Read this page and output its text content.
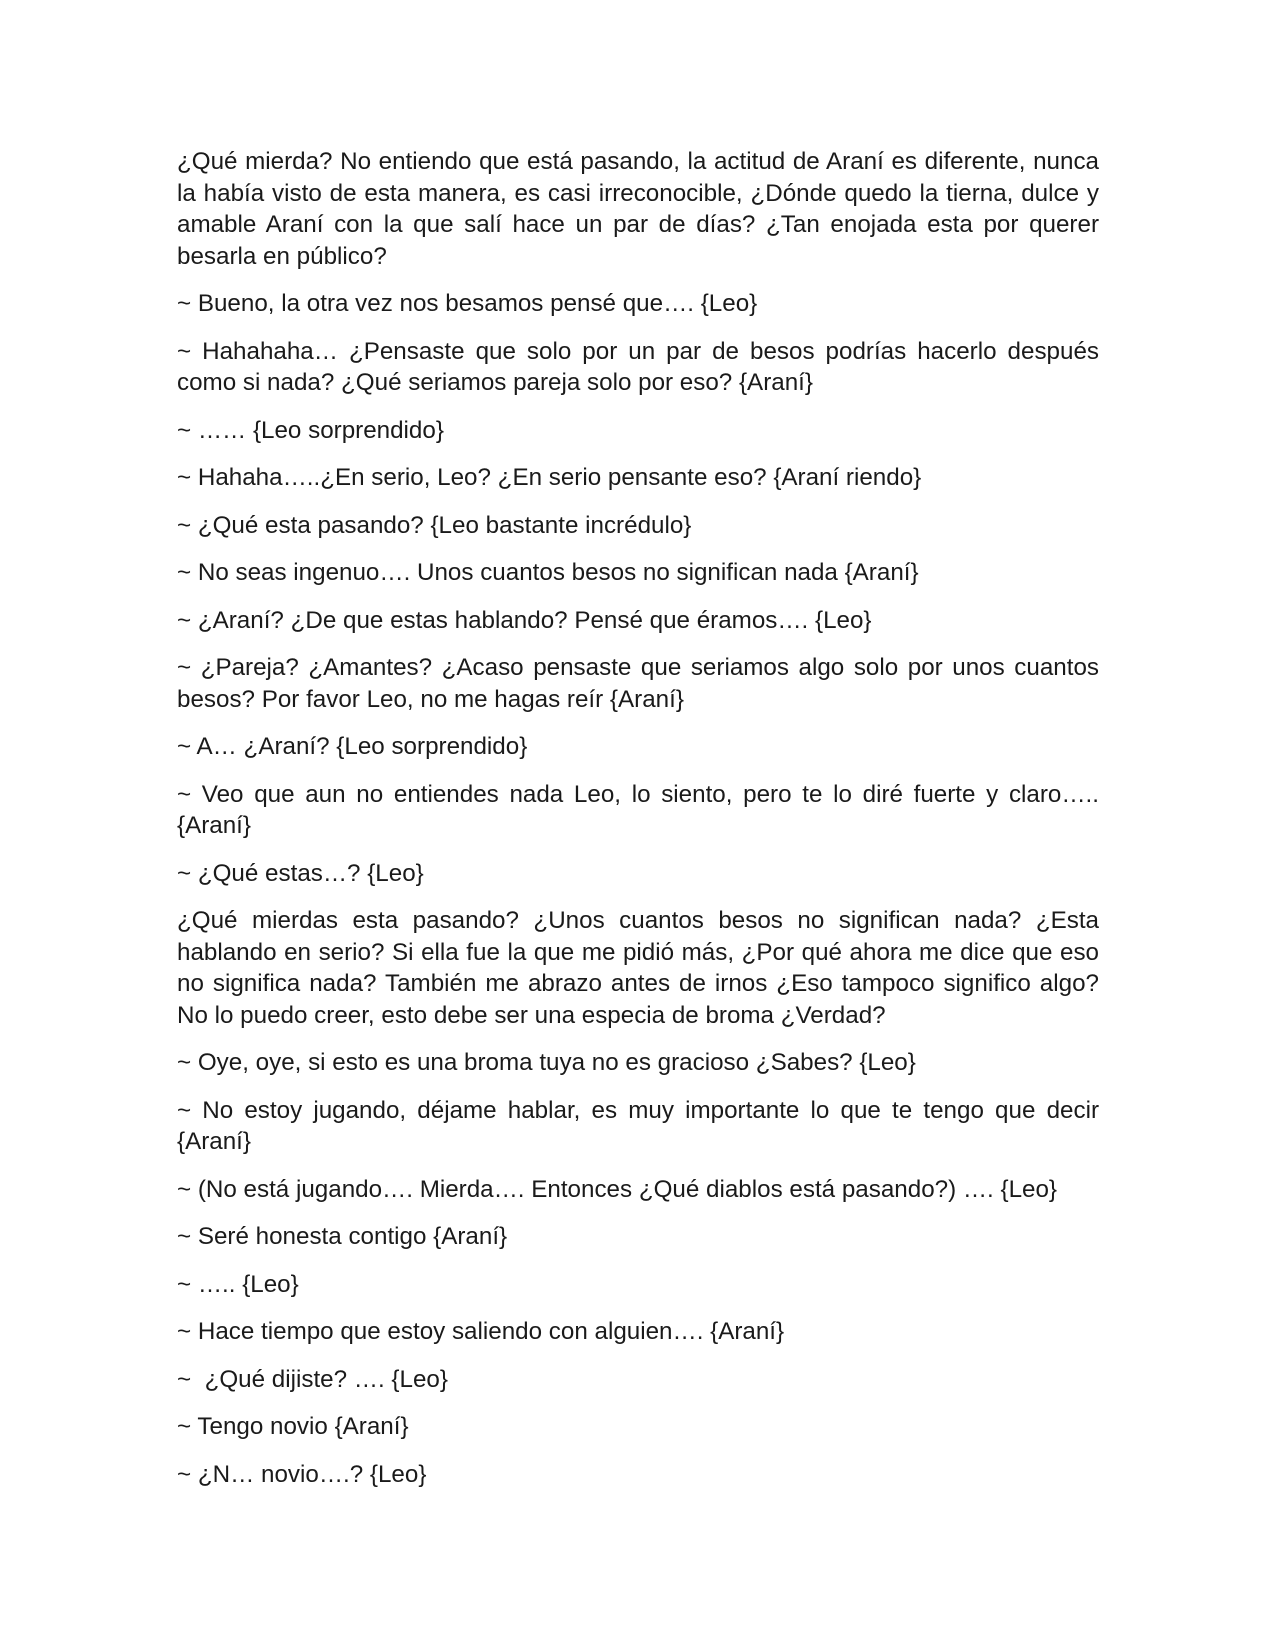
¿Qué mierda? No entiendo que está pasando, la actitud de Araní es diferente, nunca la había visto de esta manera, es casi irreconocible, ¿Dónde quedo la tierna, dulce y amable Araní con la que salí hace un par de días? ¿Tan enojada esta por querer besarla en público?

~ Bueno, la otra vez nos besamos pensé que…. {Leo}

~ Hahahaha… ¿Pensaste que solo por un par de besos podrías hacerlo después como si nada? ¿Qué seriamos pareja solo por eso? {Araní}

~ …… {Leo sorprendido}

~ Hahaha…..¿En serio, Leo? ¿En serio pensante eso? {Araní riendo}

~ ¿Qué esta pasando? {Leo bastante incrédulo}

~ No seas ingenuo…. Unos cuantos besos no significan nada {Araní}

~ ¿Araní? ¿De que estas hablando? Pensé que éramos…. {Leo}

~ ¿Pareja? ¿Amantes? ¿Acaso pensaste que seriamos algo solo por unos cuantos besos? Por favor Leo, no me hagas reír {Araní}

~ A… ¿Araní? {Leo sorprendido}

~ Veo que aun no entiendes nada Leo, lo siento, pero te lo diré fuerte y claro….. {Araní}

~ ¿Qué estas…? {Leo}

¿Qué mierdas esta pasando? ¿Unos cuantos besos no significan nada? ¿Esta hablando en serio? Si ella fue la que me pidió más, ¿Por qué ahora me dice que eso no significa nada? También me abrazo antes de irnos ¿Eso tampoco significo algo? No lo puedo creer, esto debe ser una especia de broma ¿Verdad?

~ Oye, oye, si esto es una broma tuya no es gracioso ¿Sabes? {Leo}

~ No estoy jugando, déjame hablar, es muy importante lo que te tengo que decir {Araní}

~ (No está jugando…. Mierda…. Entonces ¿Qué diablos está pasando?) …. {Leo}

~ Seré honesta contigo {Araní}

~ ….. {Leo}

~ Hace tiempo que estoy saliendo con alguien…. {Araní}

~  ¿Qué dijiste? …. {Leo}

~ Tengo novio {Araní}

~ ¿N… novio….? {Leo}
